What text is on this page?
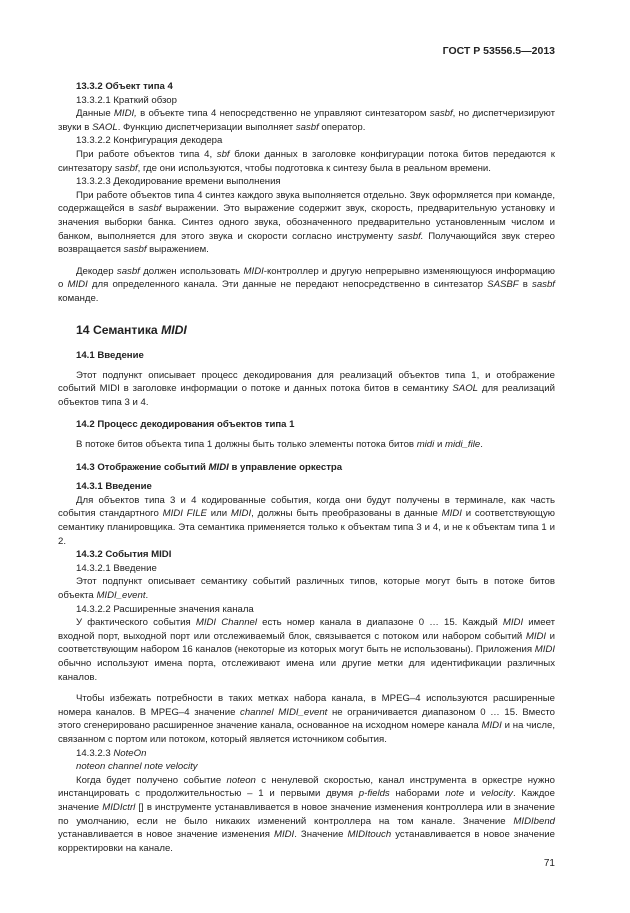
ГОСТ Р 53556.5—2013
13.3.2 Объект типа 4
13.3.2.1 Краткий обзор
Данные MIDI, в объекте типа 4 непосредственно не управляют синтезатором sasbf, но диспетчеризируют звуки в SAOL. Функцию диспетчеризации выполняет sasbf оператор.
13.3.2.2 Конфигурация декодера
При работе объектов типа 4, sbf блоки данных в заголовке конфигурации потока битов передаются к синтезатору sasbf, где они используются, чтобы подготовка к синтезу была в реальном времени.
13.3.2.3 Декодирование времени выполнения
При работе объектов типа 4 синтез каждого звука выполняется отдельно. Звук оформляется при команде, содержащейся в sasbf выражении. Это выражение содержит звук, скорость, предварительную установку и значения выборки банка. Синтез одного звука, обозначенного предварительно установленным числом и банком, выполняется для этого звука и скорости согласно инструменту sasbf. Получающийся звук стерео возвращается sasbf выражением.
Декодер sasbf должен использовать MIDI-контроллер и другую непрерывно изменяющуюся информацию о MIDI для определенного канала. Эти данные не передают непосредственно в синтезатор SASBF в sasbf команде.
14 Семантика MIDI
14.1 Введение
Этот подпункт описывает процесс декодирования для реализаций объектов типа 1, и отображение событий MIDI в заголовке информации о потоке и данных потока битов в семантику SAOL для реализаций объектов типа 3 и 4.
14.2 Процесс декодирования объектов типа 1
В потоке битов объекта типа 1 должны быть только элементы потока битов midi и midi_file.
14.3 Отображение событий MIDI в управление оркестра
14.3.1 Введение
Для объектов типа 3 и 4 кодированные события, когда они будут получены в терминале, как часть события стандартного MIDI FILE или MIDI, должны быть преобразованы в данные MIDI и соответствующую семантику планировщика. Эта семантика применяется только к объектам типа 3 и 4, и не к объектам типа 1 и 2.
14.3.2 События MIDI
14.3.2.1 Введение
Этот подпункт описывает семантику событий различных типов, которые могут быть в потоке битов объекта MIDI_event.
14.3.2.2 Расширенные значения канала
У фактического события MIDI Channel есть номер канала в диапазоне 0 … 15. Каждый MIDI имеет входной порт, выходной порт или отслеживаемый блок, связывается с потоком или набором событий MIDI и соответствующим набором 16 каналов (некоторые из которых могут быть не использованы). Приложения MIDI обычно используют имена порта, отслеживают имена или другие метки для идентификации различных каналов.
Чтобы избежать потребности в таких метках набора канала, в MPEG–4 используются расширенные номера каналов. В MPEG–4 значение channel MIDI_event не ограничивается диапазоном 0 … 15. Вместо этого сгенерировано расширенное значение канала, основанное на исходном номере канала MIDI и на числе, связанном с портом или потоком, который является источником события.
14.3.2.3 NoteOn
noteon channel note velocity
Когда будет получено событие noteon с ненулевой скоростью, канал инструмента в оркестре нужно инстанцировать с продолжительностью – 1 и первыми двумя p-fields наборами note и velocity. Каждое значение MIDIctrl [] в инструменте устанавливается в новое значение изменения контроллера или в значение по умолчанию, если не было никаких изменений контроллера на том канале. Значение MIDIbend устанавливается в новое значение изменения MIDI. Значение MIDItouch устанавливается в новое значение корректировки на канале.
71
